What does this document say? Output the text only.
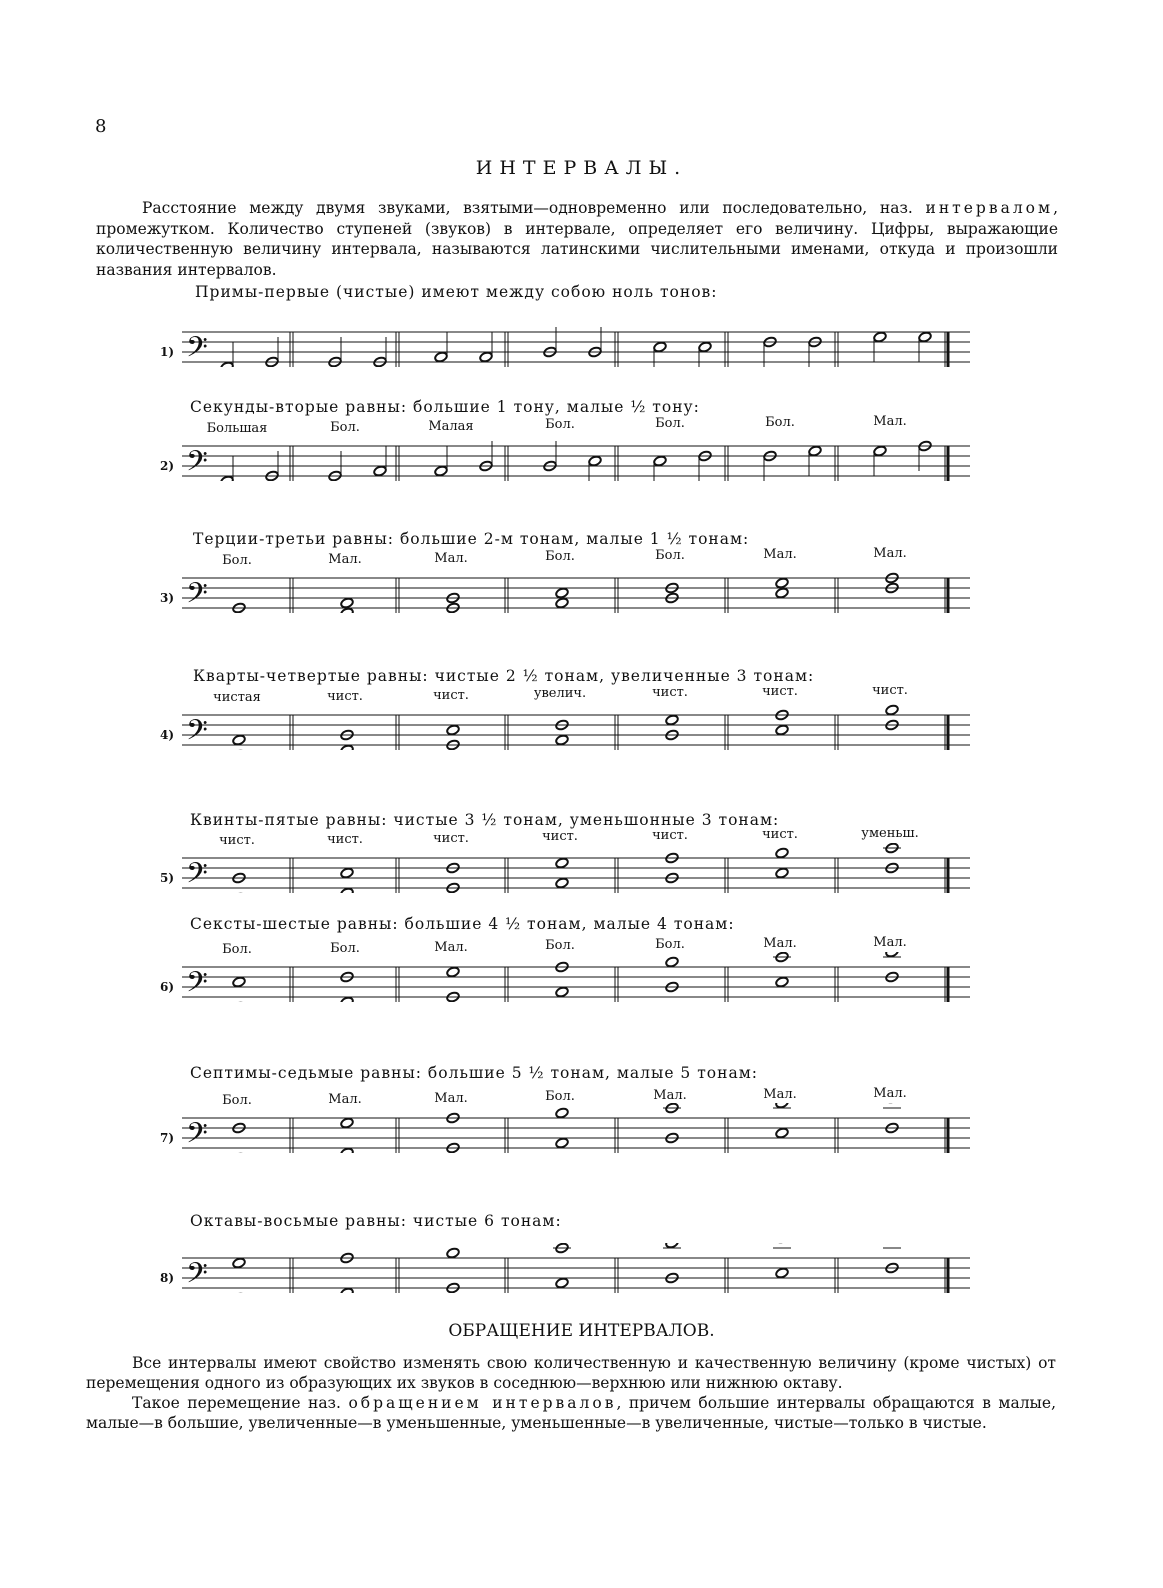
8
ИНТЕРВАЛЫ.

Расстояние между двумя звуками, взятыми—одновременно или последовательно, наз. интервалом, промежутком. Количество ступеней (звуков) в интервале, определяет его величину. Цифры, выражающие количественную величину интервала, называются латинскими числительными именами, откуда и произошли названия интервалов.

Примы-первые (чистые) имеют между собою ноль тонов:
1) 𝄢
Секунды-вторые равны: большие 1 тону, малые ½ тону:
2)
Большая	Бол.	Малая	Бол.	Бол.	Бол.	Мал.
𝄢
Терции-третьи равны: большие 2-м тонам, малые 1 ½ тонам:
3)
Бол.	Мал.	Мал.	Бол.	Бол.	Мал.	Мал.
𝄢
Кварты-четвертые равны: чистые 2 ½ тонам, увеличенные 3 тонам:
4)
чистая	чист.	чист.	увелич.	чист.	чист.	чист.
𝄢
Квинты-пятые равны: чистые 3 ½ тонам, уменьшонные 3 тонам:
5)
чист.	чист.	чист.	чист.	чист.	чист.	уменьш.
𝄢
Сексты-шестые равны: большие 4 ½ тонам, малые 4 тонам:
6)
Бол.	Бол.	Мал.	Бол.	Бол.	Мал.	Мал.
𝄢
Септимы-седьмые равны: большие 5 ½ тонам, малые 5 тонам:
7)
Бол.	Мал.	Мал.	Бол.	Мал.	Мал.	Мал.
𝄢
Октавы-восьмые равны: чистые 6 тонам:
8) 𝄢
ОБРАЩЕНИЕ ИНТЕРВАЛОВ.

Все интервалы имеют свойство изменять свою количественную и качественную величину (кроме чистых) от перемещения одного из образующих их звуков в соседнюю—верхнюю или нижнюю октаву.

Такое перемещение наз. обращением интервалов, причем большие интервалы обращаются в малые, малые—в большие, увеличенные—в уменьшенные, уменьшенные—в увеличенные, чистые—только в чистые.
